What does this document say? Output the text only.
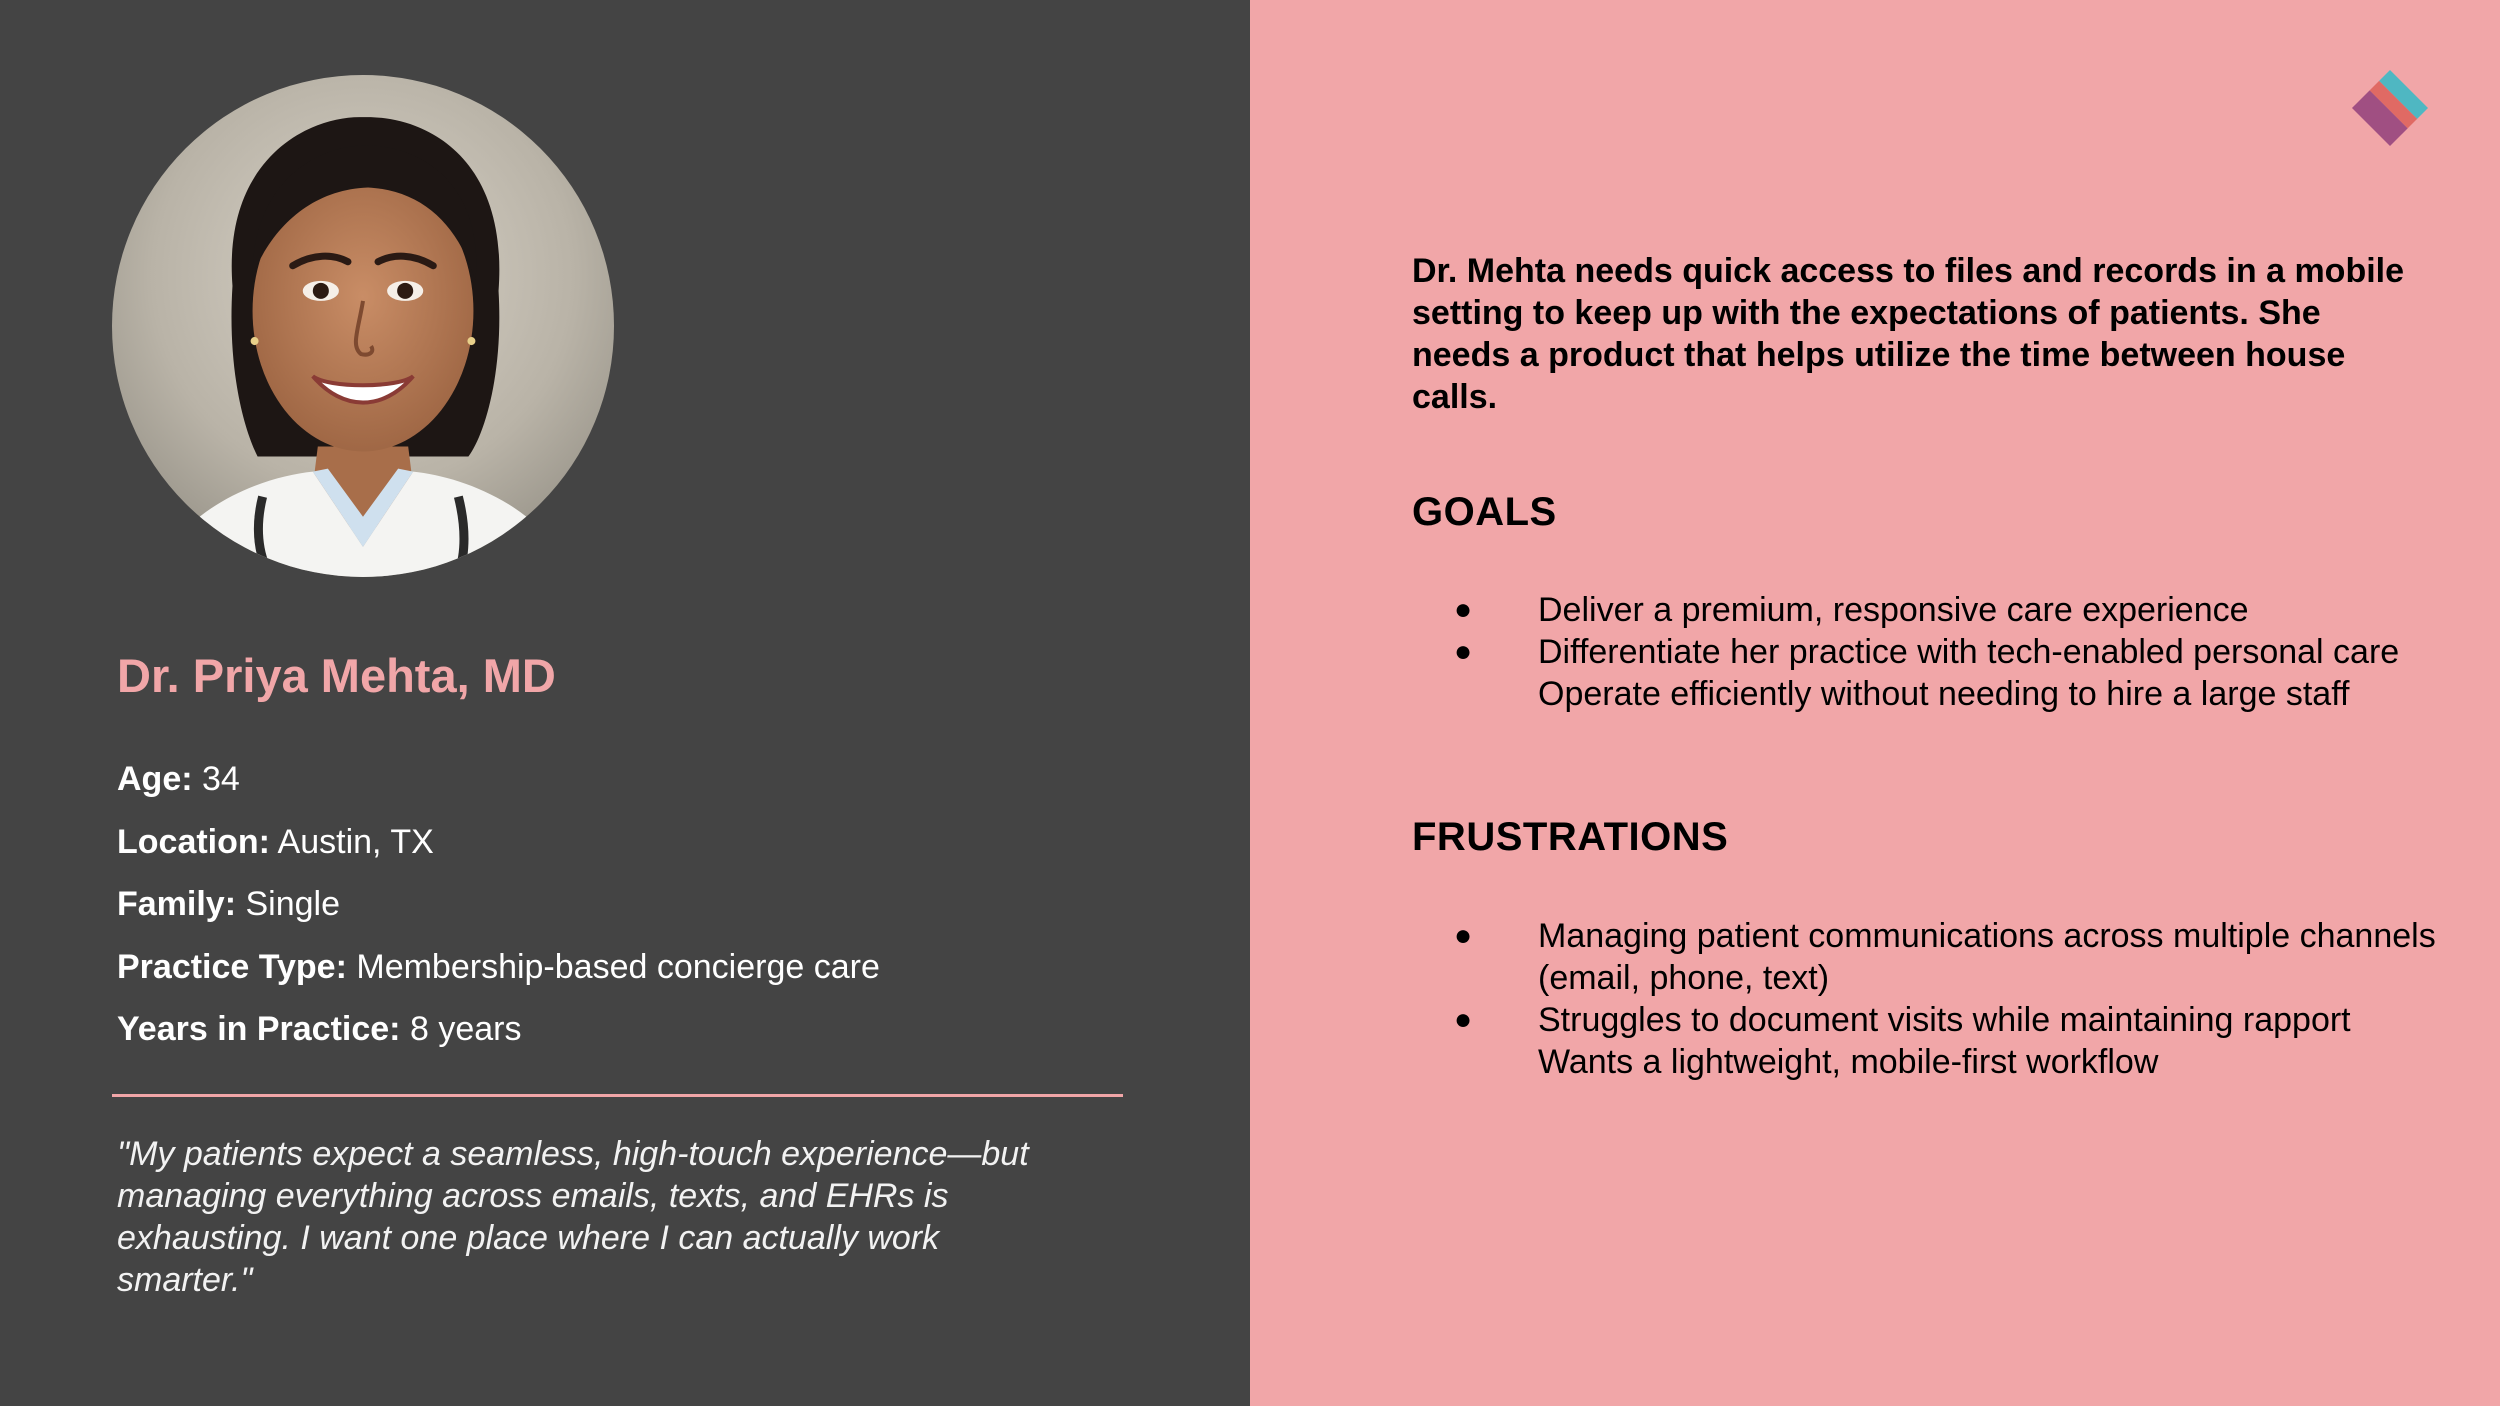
Dr. Priya Mehta, MD
Age: 34
Location: Austin, TX
Family: Single
Practice Type: Membership-based concierge care
Years in Practice: 8 years
"My patients expect a seamless, high-touch experience—but managing everything across emails, texts, and EHRs is exhausting. I want one place where I can actually work smarter."
Dr. Mehta needs quick access to files and records in a mobile setting to keep up with the expectations of patients. She needs a product that helps utilize the time between house calls.
GOALS
● Deliver a premium, responsive care experience
● Differentiate her practice with tech-enabled personal care
Operate efficiently without needing to hire a large staff
FRUSTRATIONS
● Managing patient communications across multiple channels (email, phone, text)
● Struggles to document visits while maintaining rapport
Wants a lightweight, mobile-first workflow
